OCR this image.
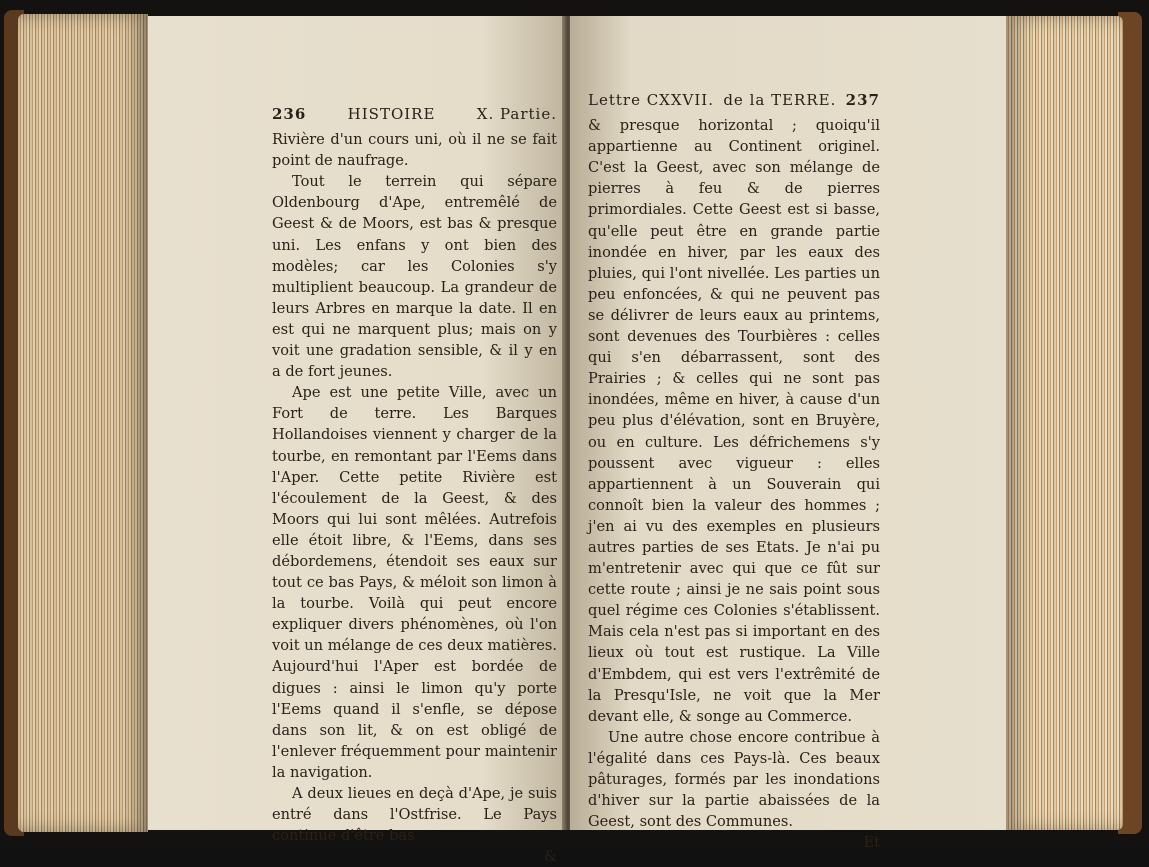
236	HISTOIRE	X. Partie.

Rivière d'un cours uni, où il ne se fait point de naufrage.

Tout le terrein qui sépare Oldenbourg d'Ape, entremêlé de Geest & de Moors, est bas & presque uni. Les enfans y ont bien des modèles; car les Colonies s'y multiplient beaucoup. La grandeur de leurs Arbres en marque la date. Il en est qui ne marquent plus; mais on y voit une gradation sensible, & il y en a de fort jeunes.

Ape est une petite Ville, avec un Fort de terre. Les Barques Hollandoises viennent y charger de la tourbe, en remontant par l'Eems dans l'Aper. Cette petite Rivière est l'écoulement de la Geest, & des Moors qui lui sont mêlées. Autrefois elle étoit libre, & l'Eems, dans ses débordemens, étendoit ses eaux sur tout ce bas Pays, & méloit son limon à la tourbe. Voilà qui peut encore expliquer divers phénomènes, où l'on voit un mélange de ces deux matières. Aujourd'hui l'Aper est bordée de digues : ainsi le limon qu'y porte l'Eems quand il s'enfle, se dépose dans son lit, & on est obligé de l'enlever fréquemment pour maintenir la navigation.

A deux lieues en deçà d'Ape, je suis entré dans l'Ostfrise. Le Pays continue d'être bas

&

Lettre CXXVII. de la TERRE. 237

& presque horizontal ; quoiqu'il appartienne au Continent originel. C'est la Geest, avec son mélange de pierres à feu & de pierres primordiales. Cette Geest est si basse, qu'elle peut être en grande partie inondée en hiver, par les eaux des pluies, qui l'ont nivellée. Les parties un peu enfoncées, & qui ne peuvent pas se délivrer de leurs eaux au printems, sont devenues des Tourbières : celles qui s'en débarrassent, sont des Prairies ; & celles qui ne sont pas inondées, même en hiver, à cause d'un peu plus d'élévation, sont en Bruyère, ou en culture. Les défrichemens s'y poussent avec vigueur : elles appartiennent à un Souverain qui connoît bien la valeur des hommes ; j'en ai vu des exemples en plusieurs autres parties de ses Etats. Je n'ai pu m'entretenir avec qui que ce fût sur cette route ; ainsi je ne sais point sous quel régime ces Colonies s'établissent. Mais cela n'est pas si important en des lieux où tout est rustique. La Ville d'Embdem, qui est vers l'extrêmité de la Presqu'Isle, ne voit que la Mer devant elle, & songe au Commerce.

Une autre chose encore contribue à l'égalité dans ces Pays-là. Ces beaux pâturages, formés par les inondations d'hiver sur la partie abaissées de la Geest, sont des Communes.

Et
